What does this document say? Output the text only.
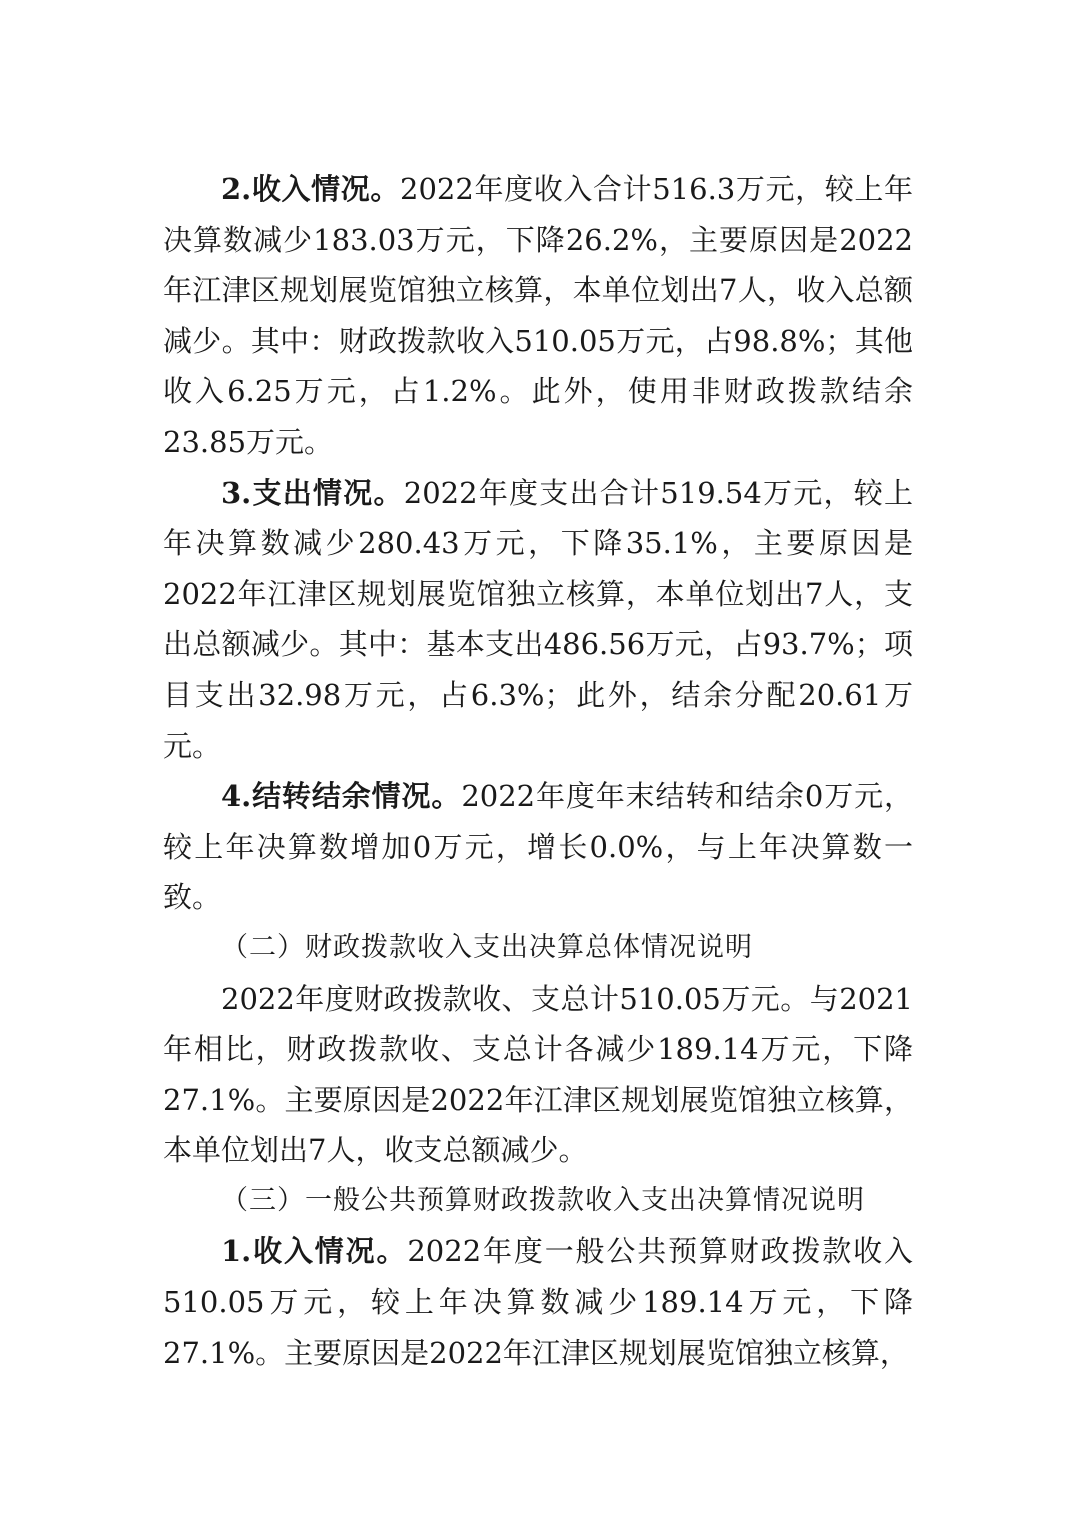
2.收入情况。2022年度收入合计516.3万元，较上年决算数减少183.03万元，下降26.2%，主要原因是2022年江津区规划展览馆独立核算，本单位划出7人，收入总额减少。其中：财政拨款收入510.05万元，占98.8%；其他收入6.25万元，占1.2%。此外，使用非财政拨款结余23.85万元。

3.支出情况。2022年度支出合计519.54万元，较上年决算数减少280.43万元，下降35.1%，主要原因是2022年江津区规划展览馆独立核算，本单位划出7人，支出总额减少。其中：基本支出486.56万元，占93.7%；项目支出32.98万元，占6.3%；此外，结余分配20.61万元。

4.结转结余情况。2022年度年末结转和结余0万元，较上年决算数增加0万元，增长0.0%，与上年决算数一致。

（二）财政拨款收入支出决算总体情况说明

2022年度财政拨款收、支总计510.05万元。与2021年相比，财政拨款收、支总计各减少189.14万元，下降27.1%。主要原因是2022年江津区规划展览馆独立核算，本单位划出7人，收支总额减少。

（三）一般公共预算财政拨款收入支出决算情况说明

1.收入情况。2022年度一般公共预算财政拨款收入510.05万元，较上年决算数减少189.14万元，下降27.1%。主要原因是2022年江津区规划展览馆独立核算，
